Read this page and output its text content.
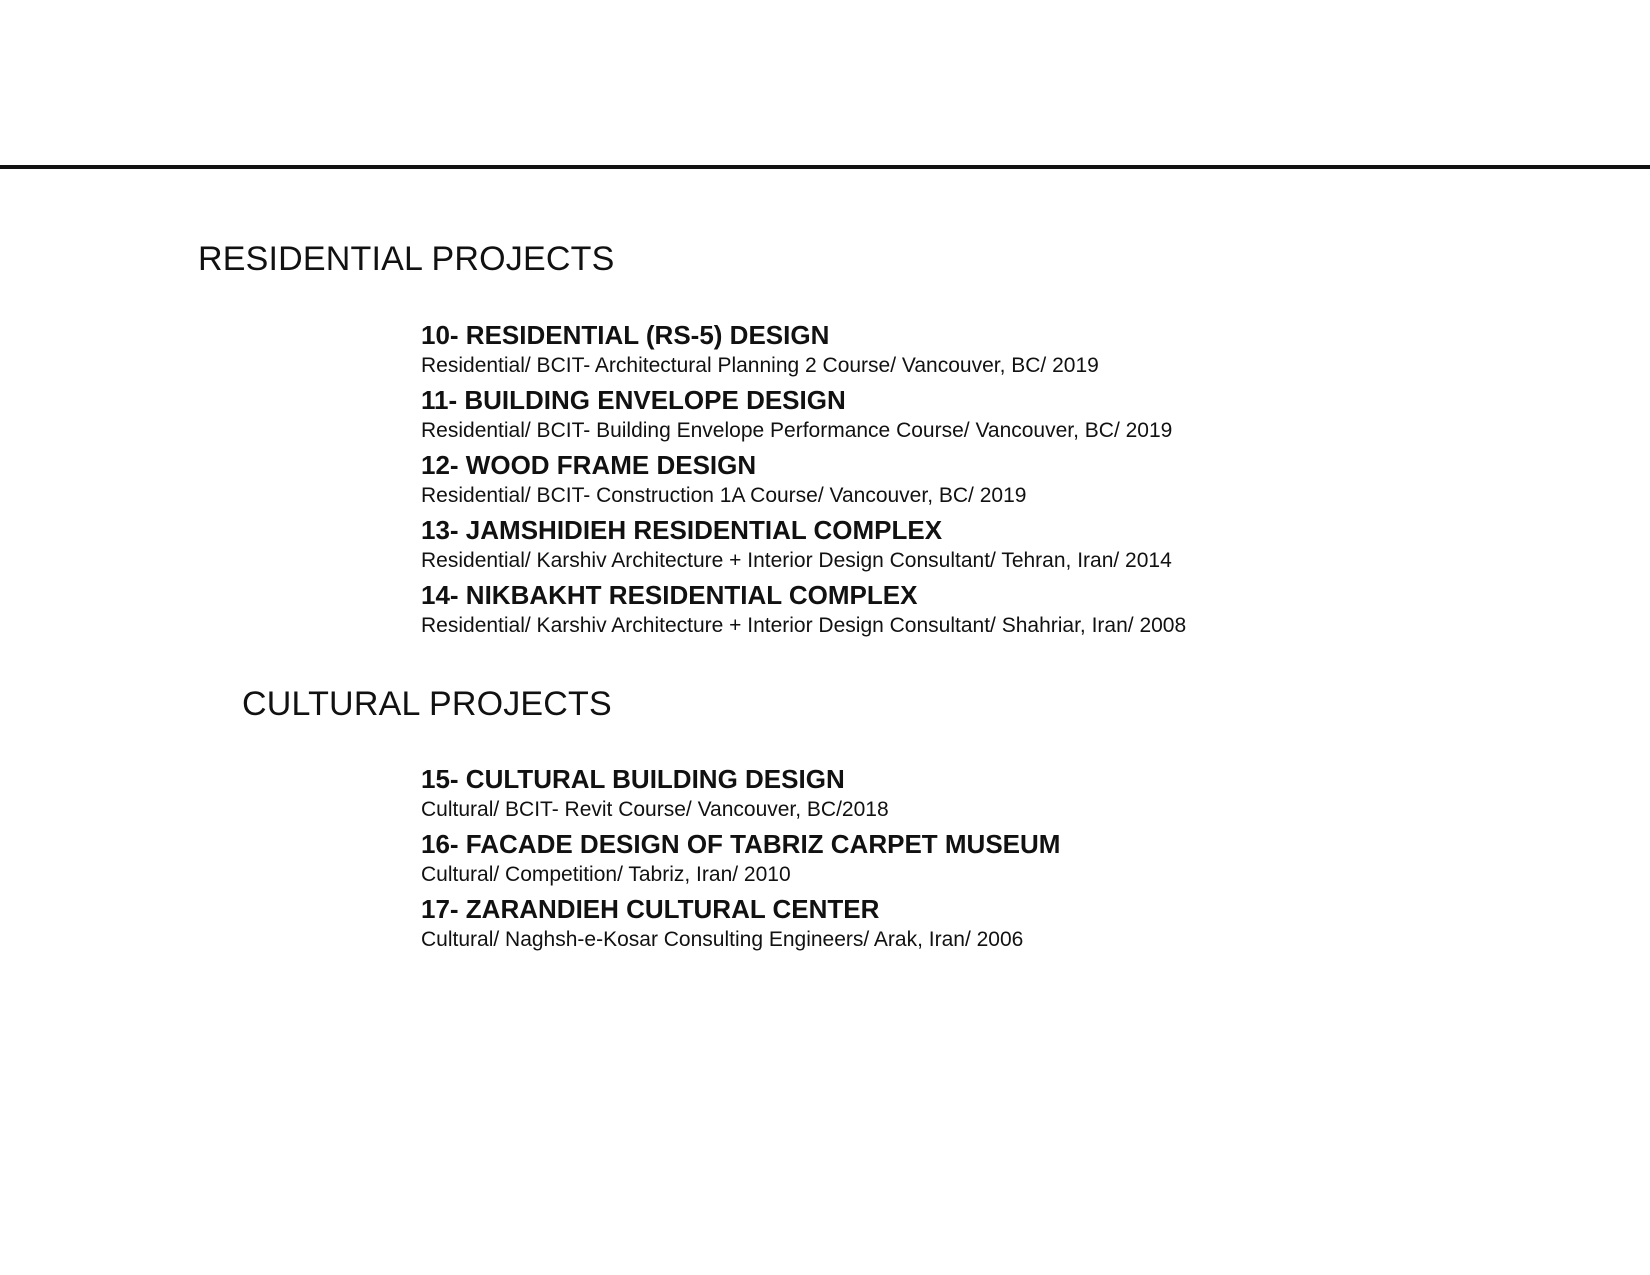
RESIDENTIAL PROJECTS
10- RESIDENTIAL (RS-5) DESIGN
Residential/ BCIT- Architectural Planning 2 Course/ Vancouver, BC/ 2019
11- BUILDING ENVELOPE DESIGN
Residential/ BCIT- Building Envelope Performance Course/ Vancouver, BC/ 2019
12- WOOD FRAME DESIGN
Residential/ BCIT- Construction 1A Course/ Vancouver, BC/ 2019
13- JAMSHIDIEH RESIDENTIAL COMPLEX
Residential/ Karshiv Architecture + Interior Design Consultant/ Tehran, Iran/ 2014
14- NIKBAKHT RESIDENTIAL COMPLEX
Residential/ Karshiv Architecture + Interior Design Consultant/ Shahriar, Iran/ 2008
CULTURAL PROJECTS
15- CULTURAL BUILDING DESIGN
Cultural/ BCIT- Revit Course/ Vancouver, BC/2018
16- FACADE DESIGN OF TABRIZ CARPET MUSEUM
Cultural/ Competition/ Tabriz, Iran/ 2010
17- ZARANDIEH CULTURAL CENTER
Cultural/ Naghsh-e-Kosar Consulting Engineers/ Arak, Iran/ 2006
